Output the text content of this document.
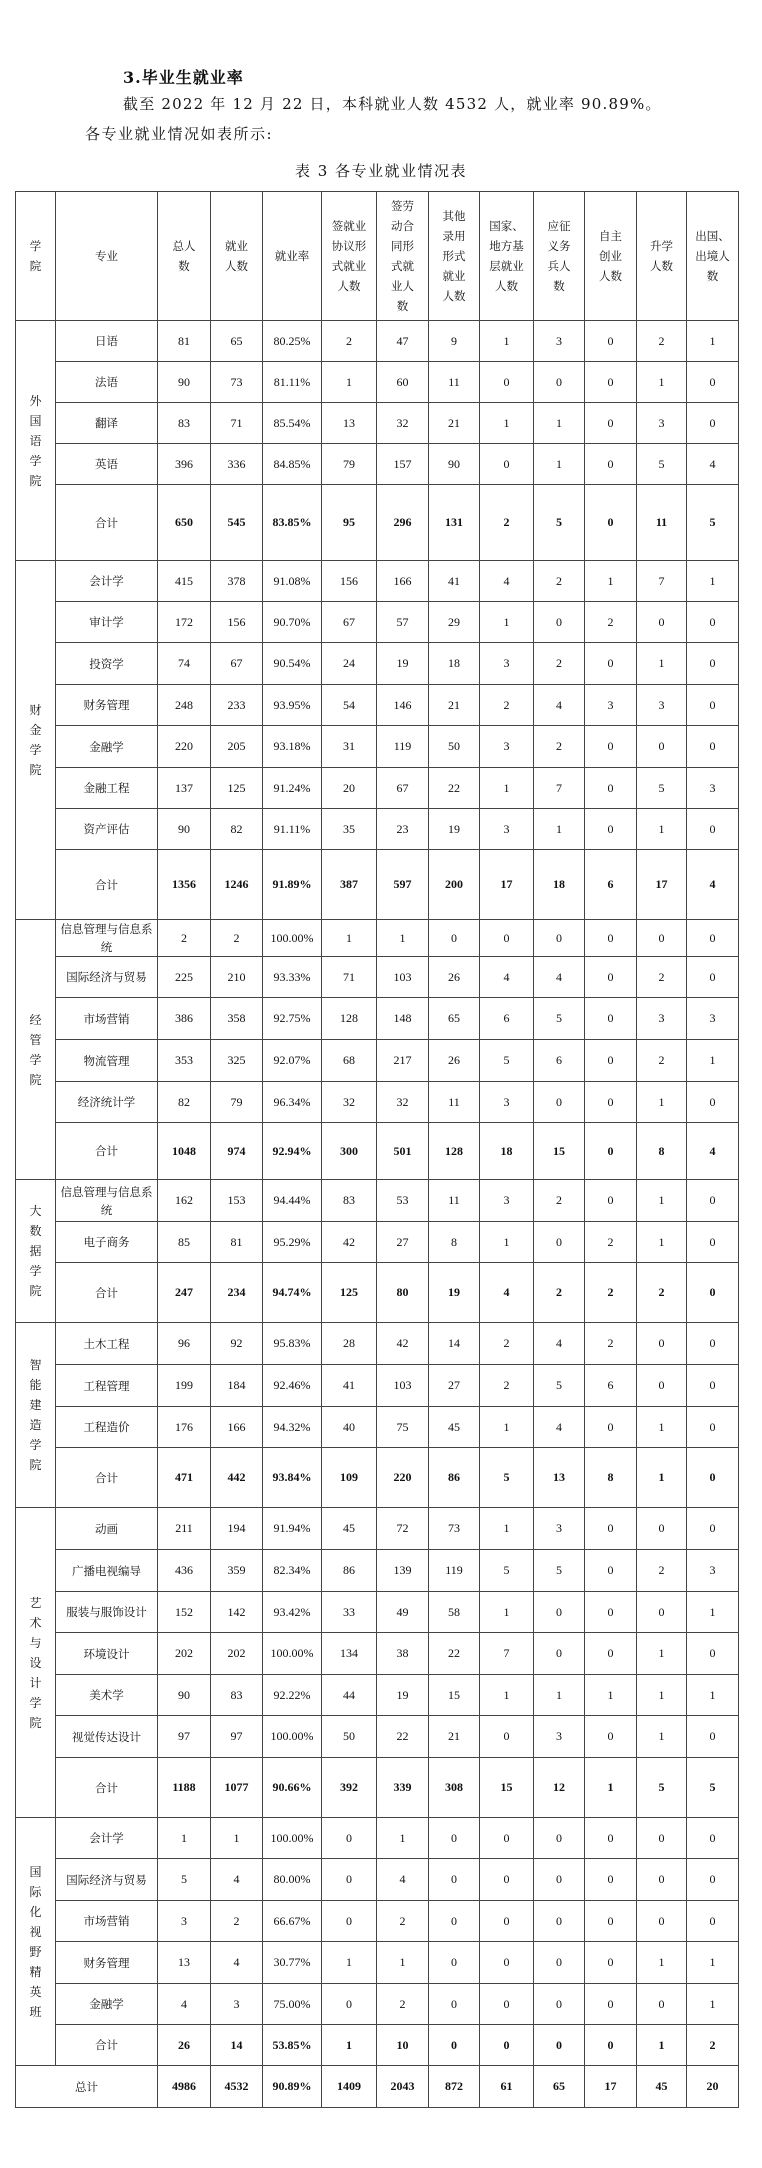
3.毕业生就业率
截至 2022 年 12 月 22 日，本科就业人数 4532 人，就业率 90.89%。
各专业就业情况如表所示:
表 3 各专业就业情况表
学院	专业	总人数	就业人数	就业率	签就业协议形式就业人数	签劳动合同形式就业人数	其他录用形式就业人数	国家、地方基层就业人数	应征义务兵人数	自主创业人数	升学人数	出国、出境人数

外国语学院	日语	81	65	80.25%	2	47	9	1	3	0	2	1
	法语	90	73	81.11%	1	60	11	0	0	0	1	0
	翻译	83	71	85.54%	13	32	21	1	1	0	3	0
	英语	396	336	84.85%	79	157	90	0	1	0	5	4
	合计	650	545	83.85%	95	296	131	2	5	0	11	5

财金学院	会计学	415	378	91.08%	156	166	41	4	2	1	7	1
	审计学	172	156	90.70%	67	57	29	1	0	2	0	0
	投资学	74	67	90.54%	24	19	18	3	2	0	1	0
	财务管理	248	233	93.95%	54	146	21	2	4	3	3	0
	金融学	220	205	93.18%	31	119	50	3	2	0	0	0
	金融工程	137	125	91.24%	20	67	22	1	7	0	5	3
	资产评估	90	82	91.11%	35	23	19	3	1	0	1	0
	合计	1356	1246	91.89%	387	597	200	17	18	6	17	4

经管学院	信息管理与信息系统	2	2	100.00%	1	1	0	0	0	0	0	0
	国际经济与贸易	225	210	93.33%	71	103	26	4	4	0	2	0
	市场营销	386	358	92.75%	128	148	65	6	5	0	3	3
	物流管理	353	325	92.07%	68	217	26	5	6	0	2	1
	经济统计学	82	79	96.34%	32	32	11	3	0	0	1	0
	合计	1048	974	92.94%	300	501	128	18	15	0	8	4

大数据学院	信息管理与信息系统	162	153	94.44%	83	53	11	3	2	0	1	0
	电子商务	85	81	95.29%	42	27	8	1	0	2	1	0
	合计	247	234	94.74%	125	80	19	4	2	2	2	0

智能建造学院	土木工程	96	92	95.83%	28	42	14	2	4	2	0	0
	工程管理	199	184	92.46%	41	103	27	2	5	6	0	0
	工程造价	176	166	94.32%	40	75	45	1	4	0	1	0
	合计	471	442	93.84%	109	220	86	5	13	8	1	0

艺术与设计学院	动画	211	194	91.94%	45	72	73	1	3	0	0	0
	广播电视编导	436	359	82.34%	86	139	119	5	5	0	2	3
	服装与服饰设计	152	142	93.42%	33	49	58	1	0	0	0	1
	环境设计	202	202	100.00%	134	38	22	7	0	0	1	0
	美术学	90	83	92.22%	44	19	15	1	1	1	1	1
	视觉传达设计	97	97	100.00%	50	22	21	0	3	0	1	0
	合计	1188	1077	90.66%	392	339	308	15	12	1	5	5

国际化视野精英班	会计学	1	1	100.00%	0	1	0	0	0	0	0	0
	国际经济与贸易	5	4	80.00%	0	4	0	0	0	0	0	0
	市场营销	3	2	66.67%	0	2	0	0	0	0	0	0
	财务管理	13	4	30.77%	1	1	0	0	0	0	1	1
	金融学	4	3	75.00%	0	2	0	0	0	0	0	1
	合计	26	14	53.85%	1	10	0	0	0	0	1	2
总计		4986	4532	90.89%	1409	2043	872	61	65	17	45	20
